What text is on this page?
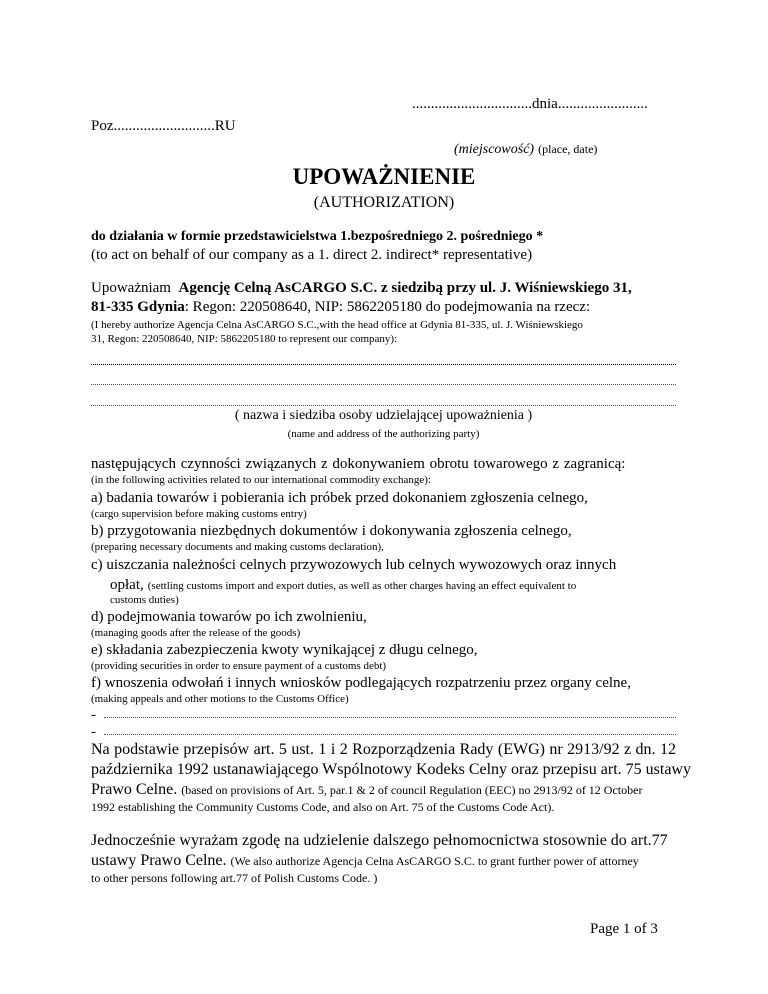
................................dnia........................
Poz...........................RU
(miejscowość) (place, date)
UPOWAŻNIENIE
(AUTHORIZATION)
do działania w formie przedstawicielstwa 1.bezpośredniego 2. pośredniego *
(to act on behalf of our company as a 1. direct 2. indirect* representative)
Upoważniam Agencję Celną AsCARGO S.C. z siedzibą przy ul. J. Wiśniewskiego 31,
81-335 Gdynia: Regon: 220508640, NIP: 5862205180 do podejmowania na rzecz:
(I hereby authorize Agencja Celna AsCARGO S.C.,with the head office at Gdynia 81-335, ul. J. Wiśniewskiego
31, Regon: 220508640, NIP: 5862205180 to represent our company):
( nazwa i siedziba osoby udzielającej upoważnienia )
(name and address of the authorizing party)
następujących czynności związanych z dokonywaniem obrotu towarowego z zagranicą:
(in the following activities related to our international commodity exchange):
a) badania towarów i pobierania ich próbek przed dokonaniem zgłoszenia celnego,
(cargo supervision before making customs entry)
b) przygotowania niezbędnych dokumentów i dokonywania zgłoszenia celnego,
(preparing necessary documents and making customs declaration),
c) uiszczania należności celnych przywozowych lub celnych wywozowych oraz innych
opłat, (settling customs import and export duties, as well as other charges having an effect equivalent to
customs duties)
d) podejmowania towarów po ich zwolnieniu,
(managing goods after the release of the goods)
e) składania zabezpieczenia kwoty wynikającej z długu celnego,
(providing securities in order to ensure payment of a customs debt)
f) wnoszenia odwołań i innych wniosków podlegających rozpatrzeniu przez organy celne,
(making appeals and other motions to the Customs Office)
-
-
Na podstawie przepisów art. 5 ust. 1 i 2 Rozporządzenia Rady (EWG) nr 2913/92 z dn. 12
października 1992 ustanawiającego Wspólnotowy Kodeks Celny oraz przepisu art. 75 ustawy
Prawo Celne. (based on provisions of Art. 5, par.1 & 2 of council Regulation (EEC) no 2913/92 of 12 October
1992 establishing the Community Customs Code, and also on Art. 75 of the Customs Code Act).
Jednocześnie wyrażam zgodę na udzielenie dalszego pełnomocnictwa stosownie do art.77
ustawy Prawo Celne. (We also authorize Agencja Celna AsCARGO S.C. to grant further power of attorney
to other persons following art.77 of Polish Customs Code. )
Page 1 of 3
